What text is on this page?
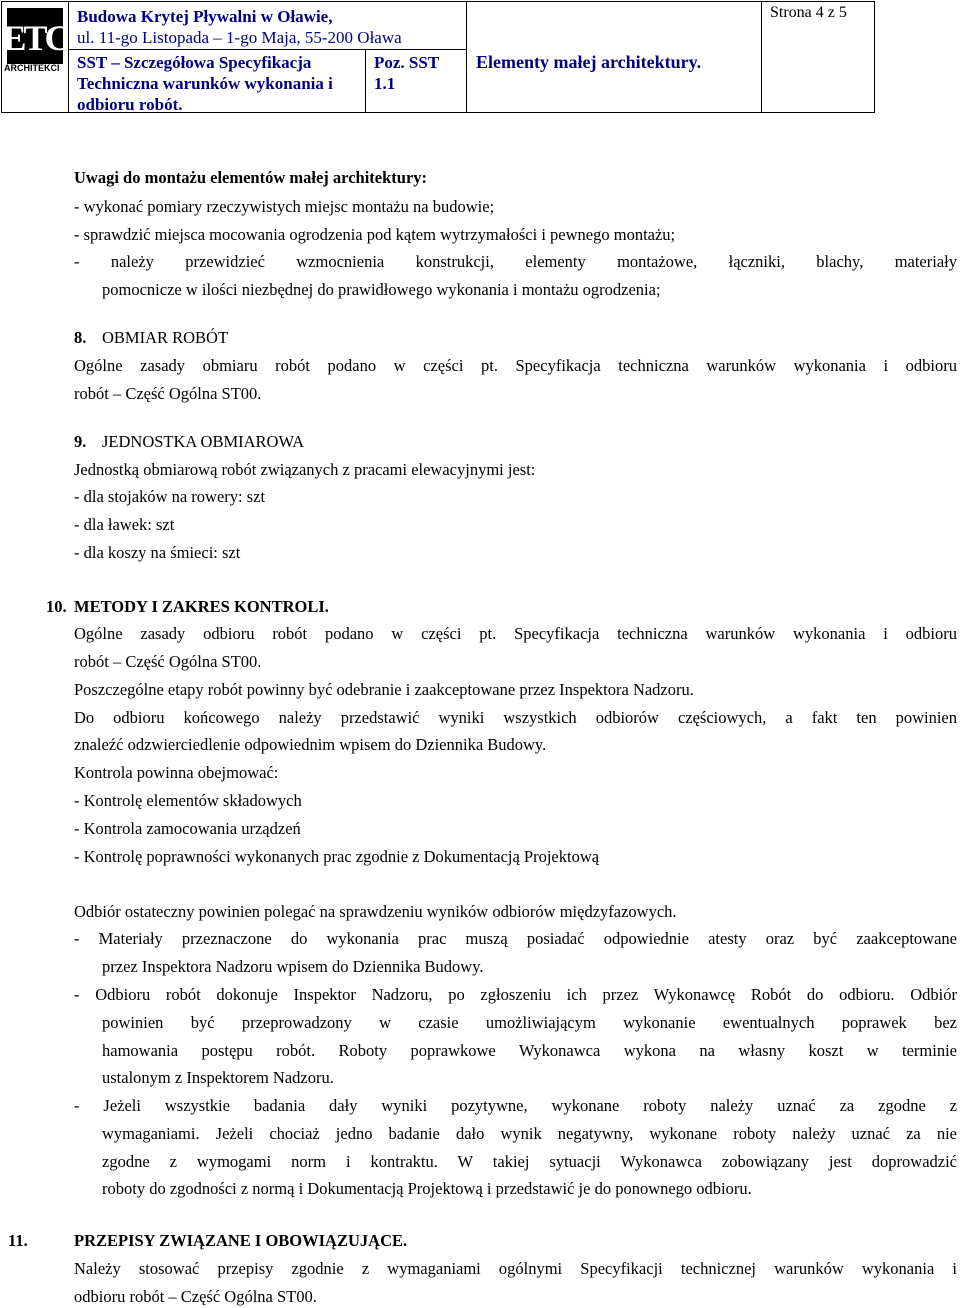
ETC
ARCHITEKCI
Budowa Krytej Pływalni w Oławie,
ul. 11-go Listopada – 1-go Maja, 55-200 Oława
SST – Szczegółowa Specyfikacja
Techniczna warunków wykonania i
odbioru robót.
Poz. SST
1.1
Elementy małej architektury.
Strona 4 z 5
Uwagi do montażu elementów małej architektury:
- wykonać pomiary rzeczywistych miejsc montażu na budowie;
- sprawdzić miejsca mocowania ogrodzenia pod kątem wytrzymałości i pewnego montażu;
- należy przewidzieć wzmocnienia konstrukcji, elementy montażowe, łączniki, blachy, materiały
pomocnicze w ilości niezbędnej do prawidłowego wykonania i montażu ogrodzenia;
8. OBMIAR ROBÓT
Ogólne zasady obmiaru robót podano w części pt. Specyfikacja techniczna warunków wykonania i odbioru
robót – Część Ogólna ST00.
9. JEDNOSTKA OBMIAROWA
Jednostką obmiarową robót związanych z pracami elewacyjnymi jest:
- dla stojaków na rowery: szt
- dla ławek: szt
- dla koszy na śmieci: szt
10. METODY I ZAKRES KONTROLI.
Ogólne zasady odbioru robót podano w części pt. Specyfikacja techniczna warunków wykonania i odbioru
robót – Część Ogólna ST00.
Poszczególne etapy robót powinny być odebranie i zaakceptowane przez Inspektora Nadzoru.
Do odbioru końcowego należy przedstawić wyniki wszystkich odbiorów częściowych, a fakt ten powinien
znaleźć odzwierciedlenie odpowiednim wpisem do Dziennika Budowy.
Kontrola powinna obejmować:
- Kontrolę elementów składowych
- Kontrola zamocowania urządzeń
- Kontrolę poprawności wykonanych prac zgodnie z Dokumentacją Projektową
Odbiór ostateczny powinien polegać na sprawdzeniu wyników odbiorów międzyfazowych.
- Materiały przeznaczone do wykonania prac muszą posiadać odpowiednie atesty oraz być zaakceptowane
przez Inspektora Nadzoru wpisem do Dziennika Budowy.
- Odbioru robót dokonuje Inspektor Nadzoru, po zgłoszeniu ich przez Wykonawcę Robót do odbioru. Odbiór
powinien być przeprowadzony w czasie umożliwiającym wykonanie ewentualnych poprawek bez
hamowania postępu robót. Roboty poprawkowe Wykonawca wykona na własny koszt w terminie
ustalonym z Inspektorem Nadzoru.
- Jeżeli wszystkie badania dały wyniki pozytywne, wykonane roboty należy uznać za zgodne z
wymaganiami. Jeżeli chociaż jedno badanie dało wynik negatywny, wykonane roboty należy uznać za nie
zgodne z wymogami norm i kontraktu. W takiej sytuacji Wykonawca zobowiązany jest doprowadzić
roboty do zgodności z normą i Dokumentacją Projektową i przedstawić je do ponownego odbioru.
11.	PRZEPISY ZWIĄZANE I OBOWIĄZUJĄCE.
Należy stosować przepisy zgodnie z wymaganiami ogólnymi Specyfikacji technicznej warunków wykonania i
odbioru robót – Część Ogólna ST00.
